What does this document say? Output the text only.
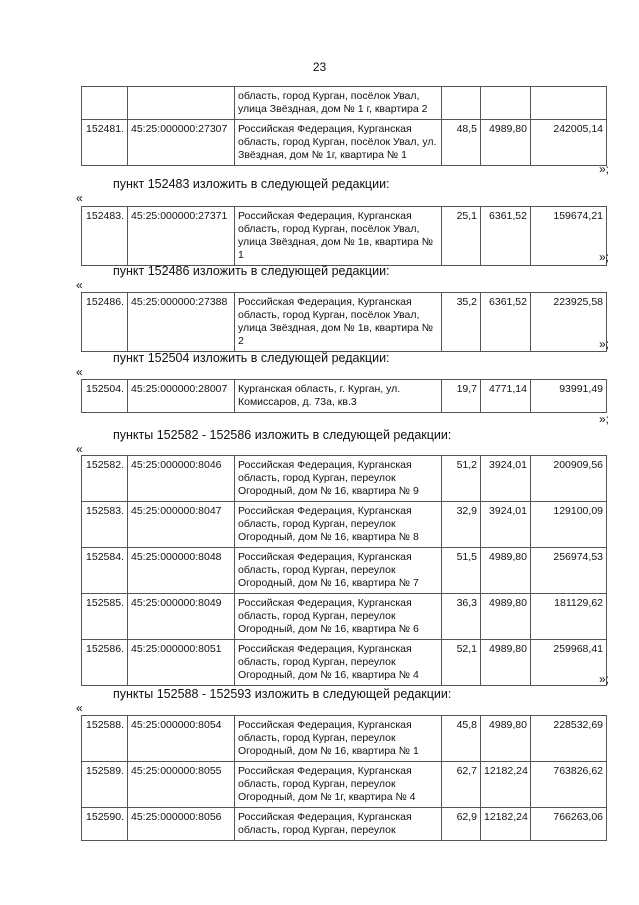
23
		область, город Курган, посёлок Увал, улица Звёздная, дом № 1 г, квартира 2			
152481.	45:25:000000:27307	Российская Федерация, Курганская область, город Курган, посёлок Увал, ул. Звёздная, дом № 1г, квартира № 1	48,5	4989,80	242005,14
»;
пункт 152483 изложить в следующей редакции:
«
152483.	45:25:000000:27371	Российская Федерация, Курганская область, город Курган, посёлок Увал, улица Звёздная, дом № 1в, квартира № 1	25,1	6361,52	159674,21
»;
пункт 152486 изложить в следующей редакции:
«
152486.	45:25:000000:27388	Российская Федерация, Курганская область, город Курган, посёлок Увал, улица Звёздная, дом № 1в, квартира № 2	35,2	6361,52	223925,58
»;
пункт 152504 изложить в следующей редакции:
«
152504.	45:25:000000:28007	Курганская область, г. Курган, ул. Комиссаров, д. 73а, кв.3	19,7	4771,14	93991,49
»;
пункты 152582 - 152586 изложить в следующей редакции:
«
152582.	45:25:000000:8046	Российская Федерация, Курганская область, город Курган, переулок Огородный, дом № 16, квартира № 9	51,2	3924,01	200909,56
152583.	45:25:000000:8047	Российская Федерация, Курганская область, город Курган, переулок Огородный, дом № 16, квартира № 8	32,9	3924,01	129100,09
152584.	45:25:000000:8048	Российская Федерация, Курганская область, город Курган, переулок Огородный, дом № 16, квартира № 7	51,5	4989,80	256974,53
152585.	45:25:000000:8049	Российская Федерация, Курганская область, город Курган, переулок Огородный, дом № 16, квартира № 6	36,3	4989,80	181129,62
152586.	45:25:000000:8051	Российская Федерация, Курганская область, город Курган, переулок Огородный, дом № 16, квартира № 4	52,1	4989,80	259968,41
»;
пункты 152588 - 152593 изложить в следующей редакции:
«
152588.	45:25:000000:8054	Российская Федерация, Курганская область, город Курган, переулок Огородный, дом № 16, квартира № 1	45,8	4989,80	228532,69
152589.	45:25:000000:8055	Российская Федерация, Курганская область, город Курган, переулок Огородный, дом № 1г, квартира № 4	62,7	12182,24	763826,62
152590.	45:25:000000:8056	Российская Федерация, Курганская область, город Курган, переулок	62,9	12182,24	766263,06
